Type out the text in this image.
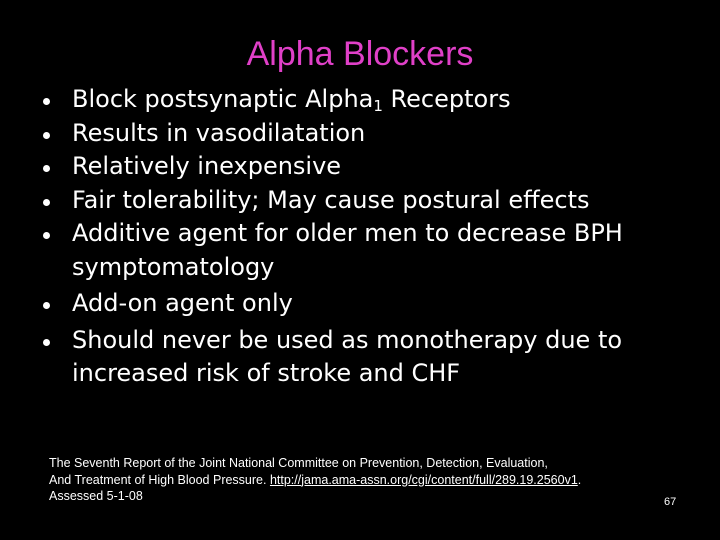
Alpha Blockers
Block postsynaptic Alpha$_1$ Receptors
Results in vasodilatation
Relatively inexpensive
Fair tolerability; May cause postural effects
Additive agent for older men to decrease BPH symptomatology
Add-on agent only
Should never be used as monotherapy due to increased risk of stroke and CHF
The Seventh Report of the Joint National Committee on Prevention, Detection, Evaluation,
And Treatment of High Blood Pressure. http://jama.ama-assn.org/cgi/content/full/289.19.2560v1.
Assessed 5-1-08	67
